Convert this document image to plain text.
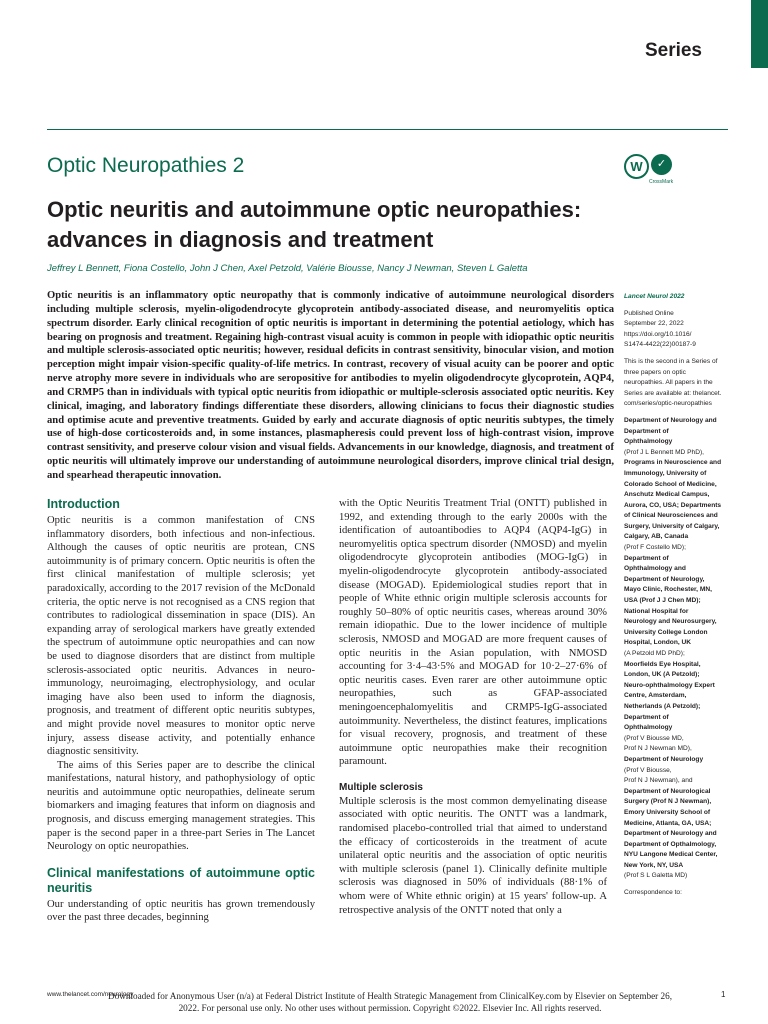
Series
Optic Neuropathies 2	W	✓
CrossMark
Optic neuritis and autoimmune optic neuropathies: advances in diagnosis and treatment
Jeffrey L Bennett, Fiona Costello, John J Chen, Axel Petzold, Valérie Biousse, Nancy J Newman, Steven L Galetta
Optic neuritis is an inflammatory optic neuropathy that is commonly indicative of autoimmune neurological disorders including multiple sclerosis, myelin-oligodendrocyte glycoprotein antibody-associated disease, and neuromyelitis optica spectrum disorder. Early clinical recognition of optic neuritis is important in determining the potential aetiology, which has bearing on prognosis and treatment. Regaining high-contrast visual acuity is common in people with idiopathic optic neuritis and multiple sclerosis-associated optic neuritis; however, residual deficits in contrast sensitivity, binocular vision, and motion perception might impair vision-specific quality-of-life metrics. In contrast, recovery of visual acuity can be poorer and optic nerve atrophy more severe in individuals who are seropositive for antibodies to myelin oligodendrocyte glycoprotein, AQP4, and CRMP5 than in individuals with typical optic neuritis from idiopathic or multiple-sclerosis associated optic neuritis. Key clinical, imaging, and laboratory findings differentiate these disorders, allowing clinicians to focus their diagnostic studies and optimise acute and preventive treatments. Guided by early and accurate diagnosis of optic neuritis subtypes, the timely use of high-dose corticosteroids and, in some instances, plasmapheresis could prevent loss of high-contrast vision, improve contrast sensitivity, and preserve colour vision and visual fields. Advancements in our knowledge, diagnosis, and treatment of optic neuritis will ultimately improve our understanding of autoimmune neurological disorders, improve clinical trial design, and spearhead therapeutic innovation.
Introduction

Optic neuritis is a common manifestation of CNS inflammatory disorders, both infectious and non-infectious. Although the causes of optic neuritis are protean, CNS autoimmunity is of primary concern. Optic neuritis is often the first clinical manifestation of multiple sclerosis; yet paradoxically, according to the 2017 revision of the McDonald criteria, the optic nerve is not recognised as a CNS region that contributes to radiological dissemination in space (DIS). An expanding array of serological markers have greatly extended the spectrum of autoimmune optic neuropathies and can now be used to diagnose disorders that are distinct from multiple sclerosis-associated optic neuritis. Advances in neuro-immunology, neuroimaging, electrophysiology, and ocular imaging have also been used to inform the diagnosis, prognosis, and treatment of different optic neuritis subtypes, and might provide novel measures to monitor optic nerve injury, assess disease activity, and potentially enhance diagnostic sensitivity.

The aims of this Series paper are to describe the clinical manifestations, natural history, and pathophysiology of optic neuritis and autoimmune optic neuropathies, delineate serum biomarkers and imaging features that inform on diagnosis and prognosis, and discuss emerging management strategies. This paper is the second paper in a three-part Series in The Lancet Neurology on optic neuropathies.

Clinical manifestations of autoimmune optic neuritis

Our understanding of optic neuritis has grown tremendously over the past three decades, beginning

with the Optic Neuritis Treatment Trial (ONTT) published in 1992, and extending through to the early 2000s with the identification of autoantibodies to AQP4 (AQP4-IgG) in neuromyelitis optica spectrum disorder (NMOSD) and myelin oligodendrocyte glycoprotein antibodies (MOG-IgG) in myelin-oligodendrocyte glycoprotein antibody-associated disease (MOGAD). Epidemiological studies report that in people of White ethnic origin multiple sclerosis accounts for roughly 50–80% of optic neuritis cases, whereas around 30% remain idiopathic. Due to the lower incidence of multiple sclerosis, NMOSD and MOGAD are more frequent causes of optic neuritis in the Asian population, with NMOSD accounting for 3·4–43·5% and MOGAD for 10·2–27·6% of optic neuritis cases. Even rarer are other autoimmune optic neuropathies, such as GFAP-associated meningoencephalomyelitis and CRMP5-IgG-associated autoimmunity. Nevertheless, the distinct features, implications for visual recovery, prognosis, and treatment of these autoimmune optic neuropathies make their recognition paramount.

Multiple sclerosis

Multiple sclerosis is the most common demyelinating disease associated with optic neuritis. The ONTT was a landmark, randomised placebo-controlled trial that aimed to understand the efficacy of corticosteroids in the treatment of acute unilateral optic neuritis and the association of optic neuritis with multiple sclerosis (panel 1). Clinically definite multiple sclerosis was diagnosed in 50% of individuals (88·1% of whom were of White ethnic origin) at 15 years' follow-up. A retrospective analysis of the ONTT noted that only a

Lancet Neurol 2022
Published Online
September 22, 2022
https://doi.org/10.1016/
S1474-4422(22)00187-9
This is the second in a Series of
three papers on optic
neuropathies. All papers in the
Series are available at: thelancet.
com/series/optic-neuropathies
Department of Neurology and
Department of
Ophthalmology
(Prof J L Bennett MD PhD),
Programs in Neuroscience and
Immunology, University of
Colorado School of Medicine,
Anschutz Medical Campus,
Aurora, CO, USA; Departments
of Clinical Neurosciences and
Surgery, University of Calgary,
Calgary, AB, Canada
(Prof F Costello MD);
Department of
Ophthalmology and
Department of Neurology,
Mayo Clinic, Rochester, MN,
USA (Prof J J Chen MD);
National Hospital for
Neurology and Neurosurgery,
University College London
Hospital, London, UK
(A Petzold MD PhD);
Moorfields Eye Hospital,
London, UK (A Petzold);
Neuro-ophthalmology Expert
Centre, Amsterdam,
Netherlands (A Petzold);
Department of
Ophthalmology
(Prof V Biousse MD,
Prof N J Newman MD),
Department of Neurology
(Prof V Biousse,
Prof N J Newman), and
Department of Neurological
Surgery (Prof N J Newman),
Emory University School of
Medicine, Atlanta, GA, USA;
Department of Neurology and
Department of Opthalmology,
NYU Langone Medical Center,
New York, NY, USA
(Prof S L Galetta MD)
Correspondence to:
www.thelancet.com/neurology	1
Downloaded for Anonymous User (n/a) at Federal District Institute of Health Strategic Management from ClinicalKey.com by Elsevier on September 26, 2022. For personal use only. No other uses without permission. Copyright ©2022. Elsevier Inc. All rights reserved.
